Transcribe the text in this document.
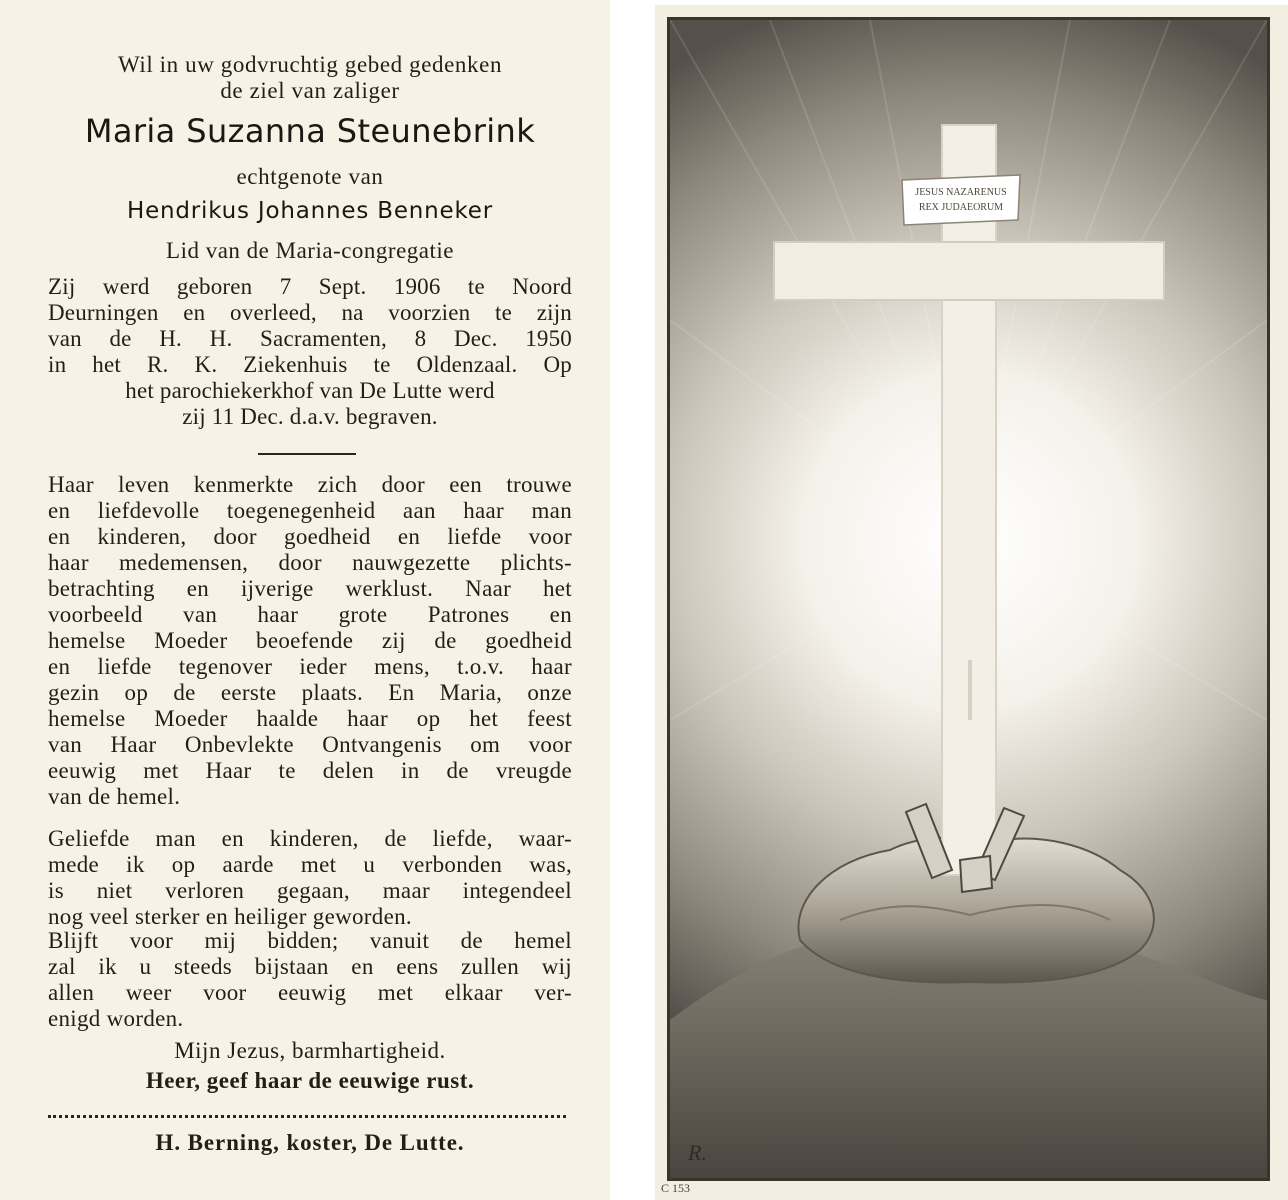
Wil in uw godvruchtig gebed gedenken
de ziel van zaliger
Maria Suzanna Steunebrink
echtgenote van
Hendrikus Johannes Benneker
Lid van de Maria-congregatie
Zij werd geboren 7 Sept. 1906 te Noord
Deurningen en overleed, na voorzien te zijn
van de H. H. Sacramenten, 8 Dec. 1950
in het R. K. Ziekenhuis te Oldenzaal. Op
het parochiekerkhof van De Lutte werd
zij 11 Dec. d.a.v. begraven.
Haar leven kenmerkte zich door een trouwe
en liefdevolle toegenegenheid aan haar man
en kinderen, door goedheid en liefde voor
haar medemensen, door nauwgezette plichts-
betrachting en ijverige werklust. Naar het
voorbeeld van haar grote Patrones en
hemelse Moeder beoefende zij de goedheid
en liefde tegenover ieder mens, t.o.v. haar
gezin op de eerste plaats. En Maria, onze
hemelse Moeder haalde haar op het feest
van Haar Onbevlekte Ontvangenis om voor
eeuwig met Haar te delen in de vreugde
van de hemel.
Geliefde man en kinderen, de liefde, waar-
mede ik op aarde met u verbonden was,
is niet verloren gegaan, maar integendeel
nog veel sterker en heiliger geworden.
Blijft voor mij bidden; vanuit de hemel
zal ik u steeds bijstaan en eens zullen wij
allen weer voor eeuwig met elkaar ver-
enigd worden.
Mijn Jezus, barmhartigheid.
Heer, geef haar de eeuwige rust.
H. Berning, koster, De Lutte.
JESUS NAZARENUS
REX JUDAEORUM
R.
C 153
